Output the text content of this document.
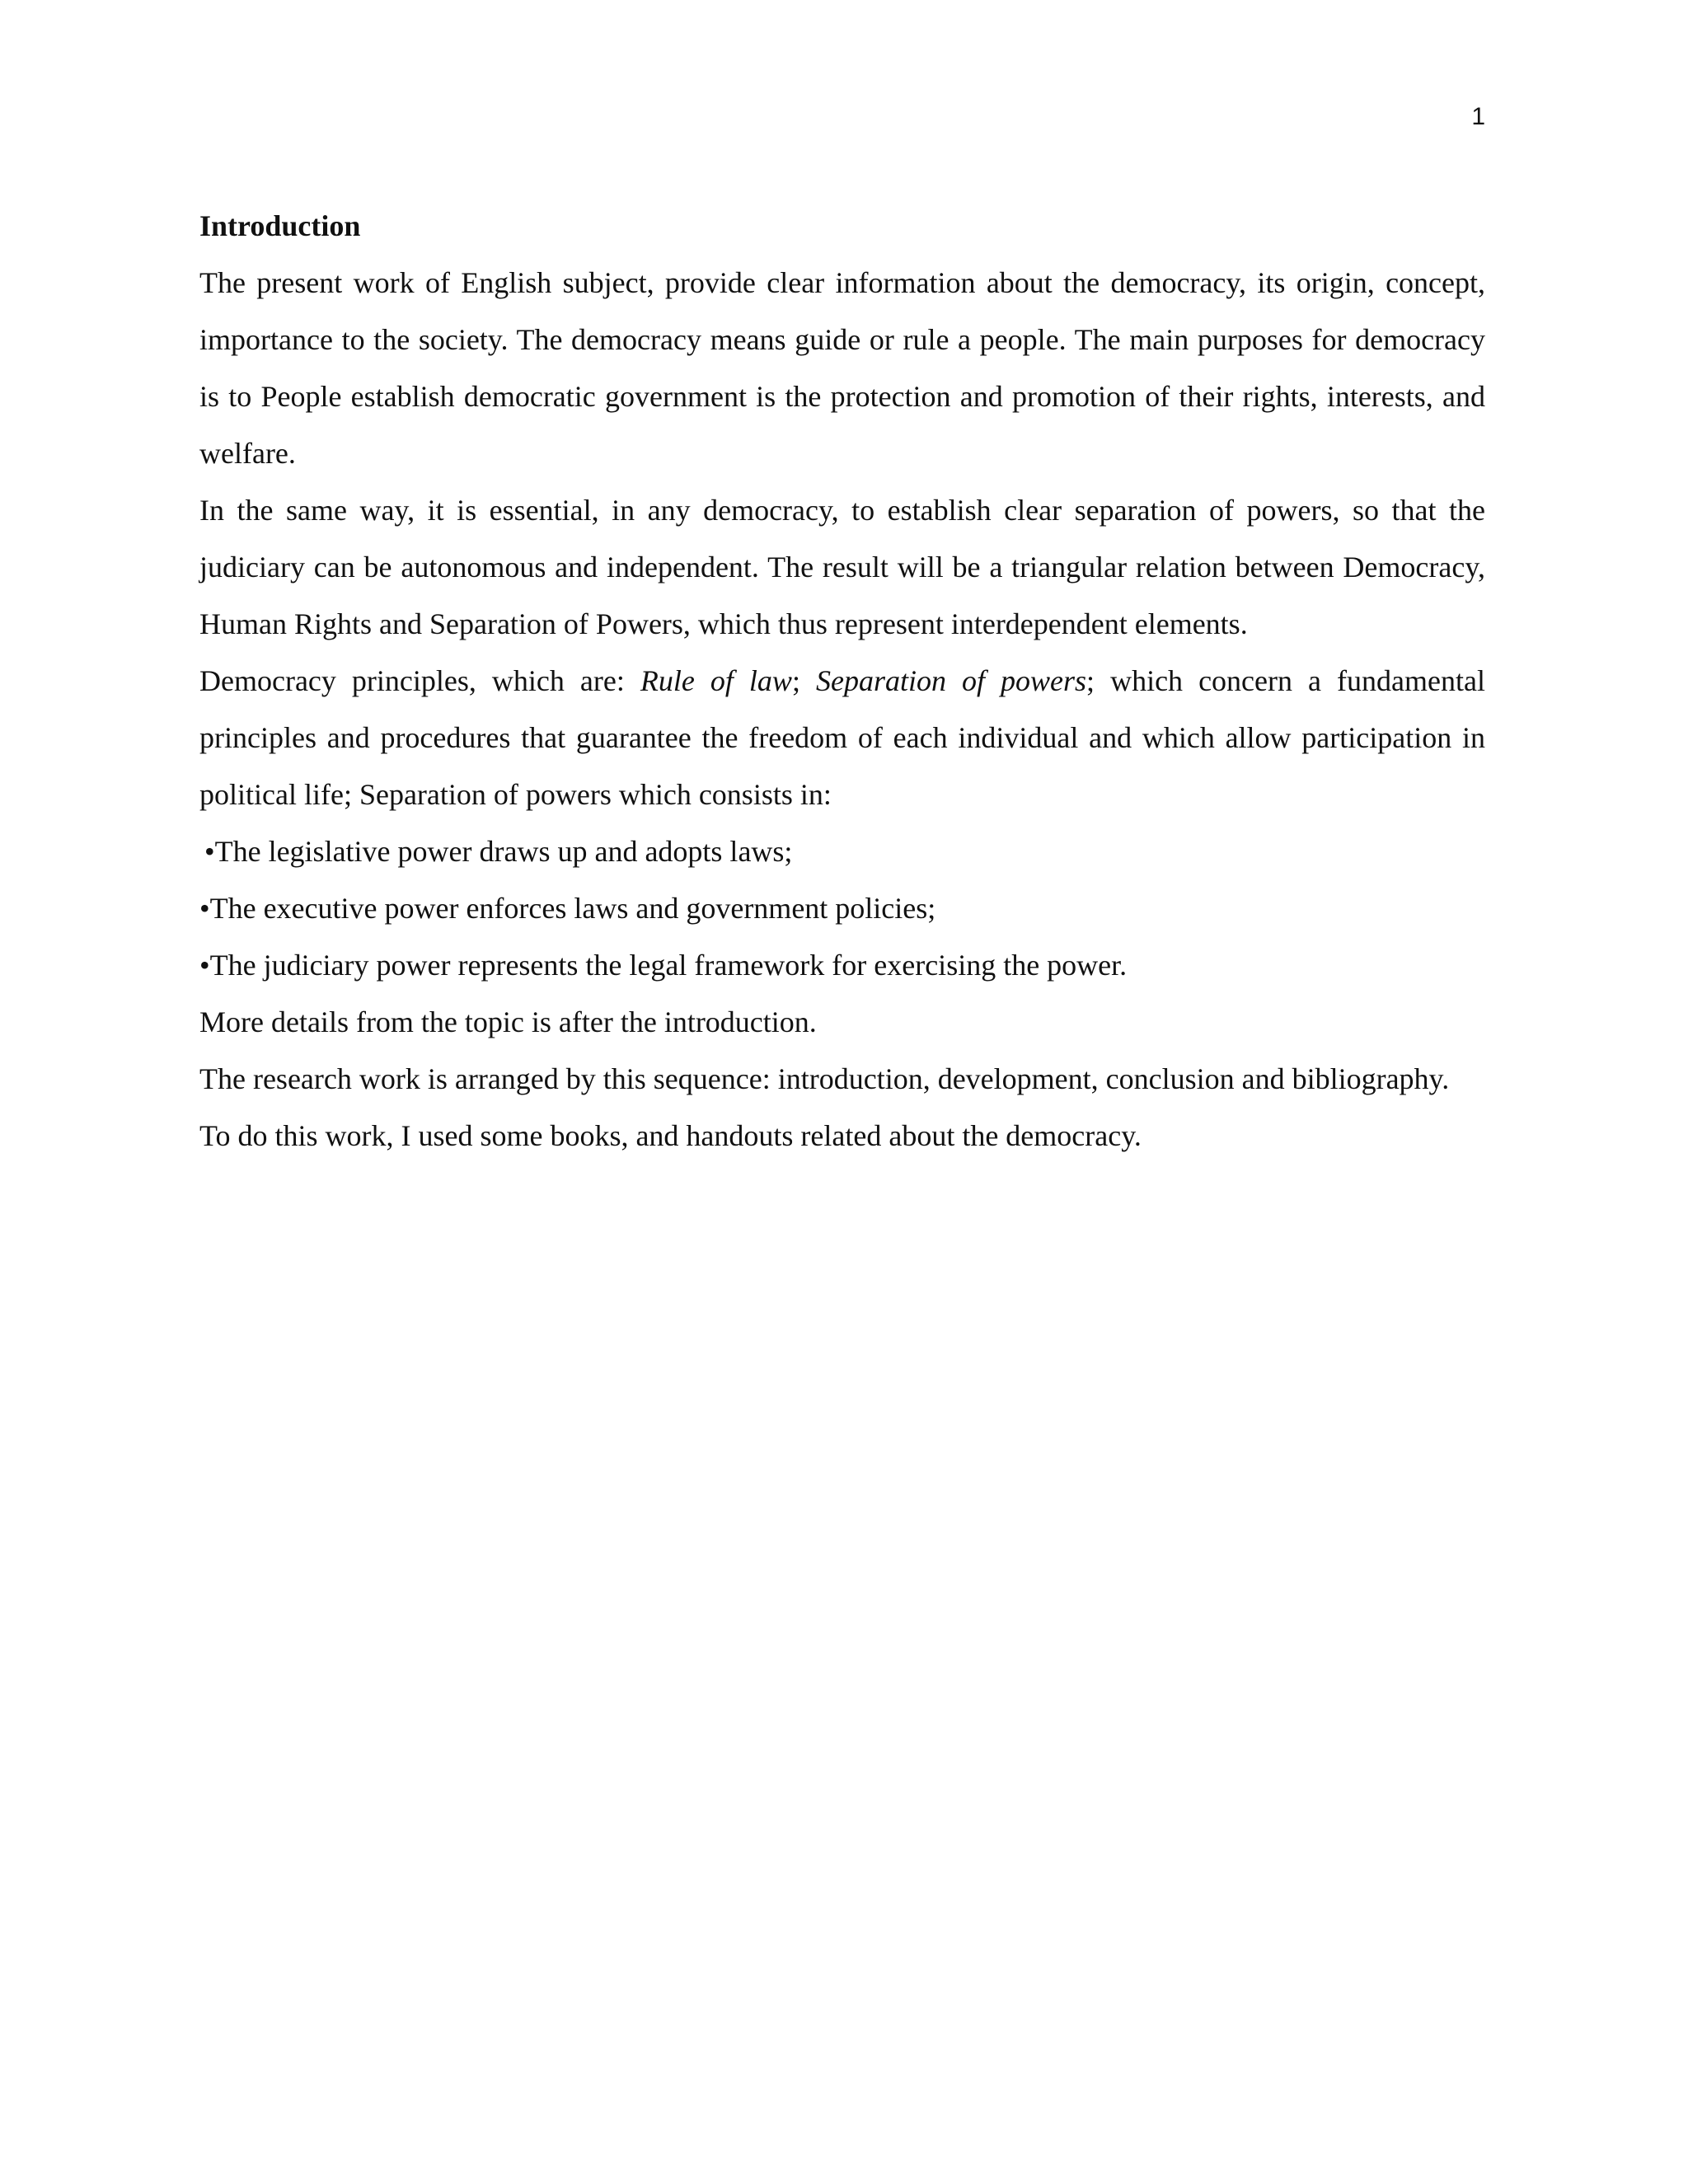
1

Introduction

The present work of English subject, provide clear information about the democracy, its origin, concept, importance to the society. The democracy means guide or rule a people. The main purposes for democracy is to People establish democratic government is the protection and promotion of their rights, interests, and welfare.

In the same way, it is essential, in any democracy, to establish clear separation of powers, so that the judiciary can be autonomous and independent. The result will be a triangular relation between Democracy, Human Rights and Separation of Powers, which thus represent interdependent elements.

Democracy principles, which are: Rule of law; Separation of powers; which concern a fundamental principles and procedures that guarantee the freedom of each individual and which allow participation in political life; Separation of powers which consists in:

•The legislative power draws up and adopts laws;

•The executive power enforces laws and government policies;

•The judiciary power represents the legal framework for exercising the power.

More details from the topic is after the introduction.

The research work is arranged by this sequence: introduction, development, conclusion and bibliography.

To do this work, I used some books, and handouts related about the democracy.
